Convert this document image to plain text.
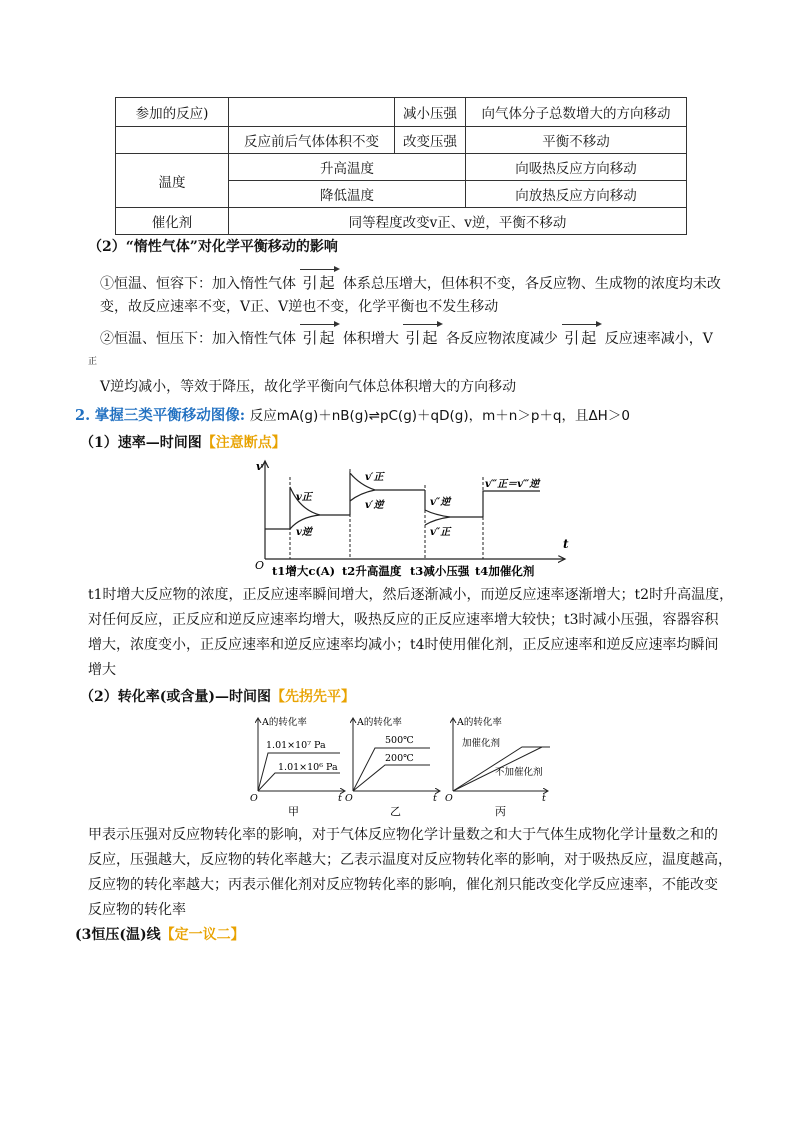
参加的反应)		减小压强	向气体分子总数增大的方向移动
	反应前后气体体积不变	改变压强	平衡不移动
温度	升高温度		向吸热反应方向移动
	降低温度		向放热反应方向移动
催化剂	同等程度改变v正、v逆，平衡不移动		
（2）“惰性气体”对化学平衡移动的影响
①恒温、恒容下：加入惰性气体 引起 体系总压增大，但体积不变，各反应物、生成物的浓度均未改
变，故反应速率不变，V正、V逆也不变，化学平衡也不发生移动
②恒温、恒压下：加入惰性气体 引起 体积增大 引起 各反应物浓度减少 引起 反应速率减小，V
正
V逆均减小，等效于降压，故化学平衡向气体总体积增大的方向移动
2. 掌握三类平衡移动图像: 反应mA(g)＋nB(g)⇌pC(g)＋qD(g)，m＋n＞p＋q，且ΔH＞0
（1）速率—时间图【注意断点】
v
t
O
v正
v逆
v′正
v′逆	v″逆
v″正
v‴正＝v‴逆
t1增大c(A) t2升高温度 t3减小压强 t4加催化剂
t1时增大反应物的浓度，正反应速率瞬间增大，然后逐渐减小，而逆反应速率逐渐增大；t2时升高温度，
对任何反应，正反应和逆反应速率均增大，吸热反应的正反应速率增大较快；t3时减小压强，容器容积
增大，浓度变小，正反应速率和逆反应速率均减小；t4时使用催化剂，正反应速率和逆反应速率均瞬间
增大
（2）转化率(或含量)—时间图【先拐先平】
A的转化率	A的转化率	A的转化率
1.01×10⁷ Pa
1.01×10⁶ Pa
500℃
200℃
加催化剂
不加催化剂
O	O	O
t	t	t
甲	乙	丙
甲表示压强对反应物转化率的影响，对于气体反应物化学计量数之和大于气体生成物化学计量数之和的
反应，压强越大，反应物的转化率越大；乙表示温度对反应物转化率的影响，对于吸热反应，温度越高，
反应物的转化率越大；丙表示催化剂对反应物转化率的影响，催化剂只能改变化学反应速率，不能改变
反应物的转化率
(3恒压(温)线【定一议二】
